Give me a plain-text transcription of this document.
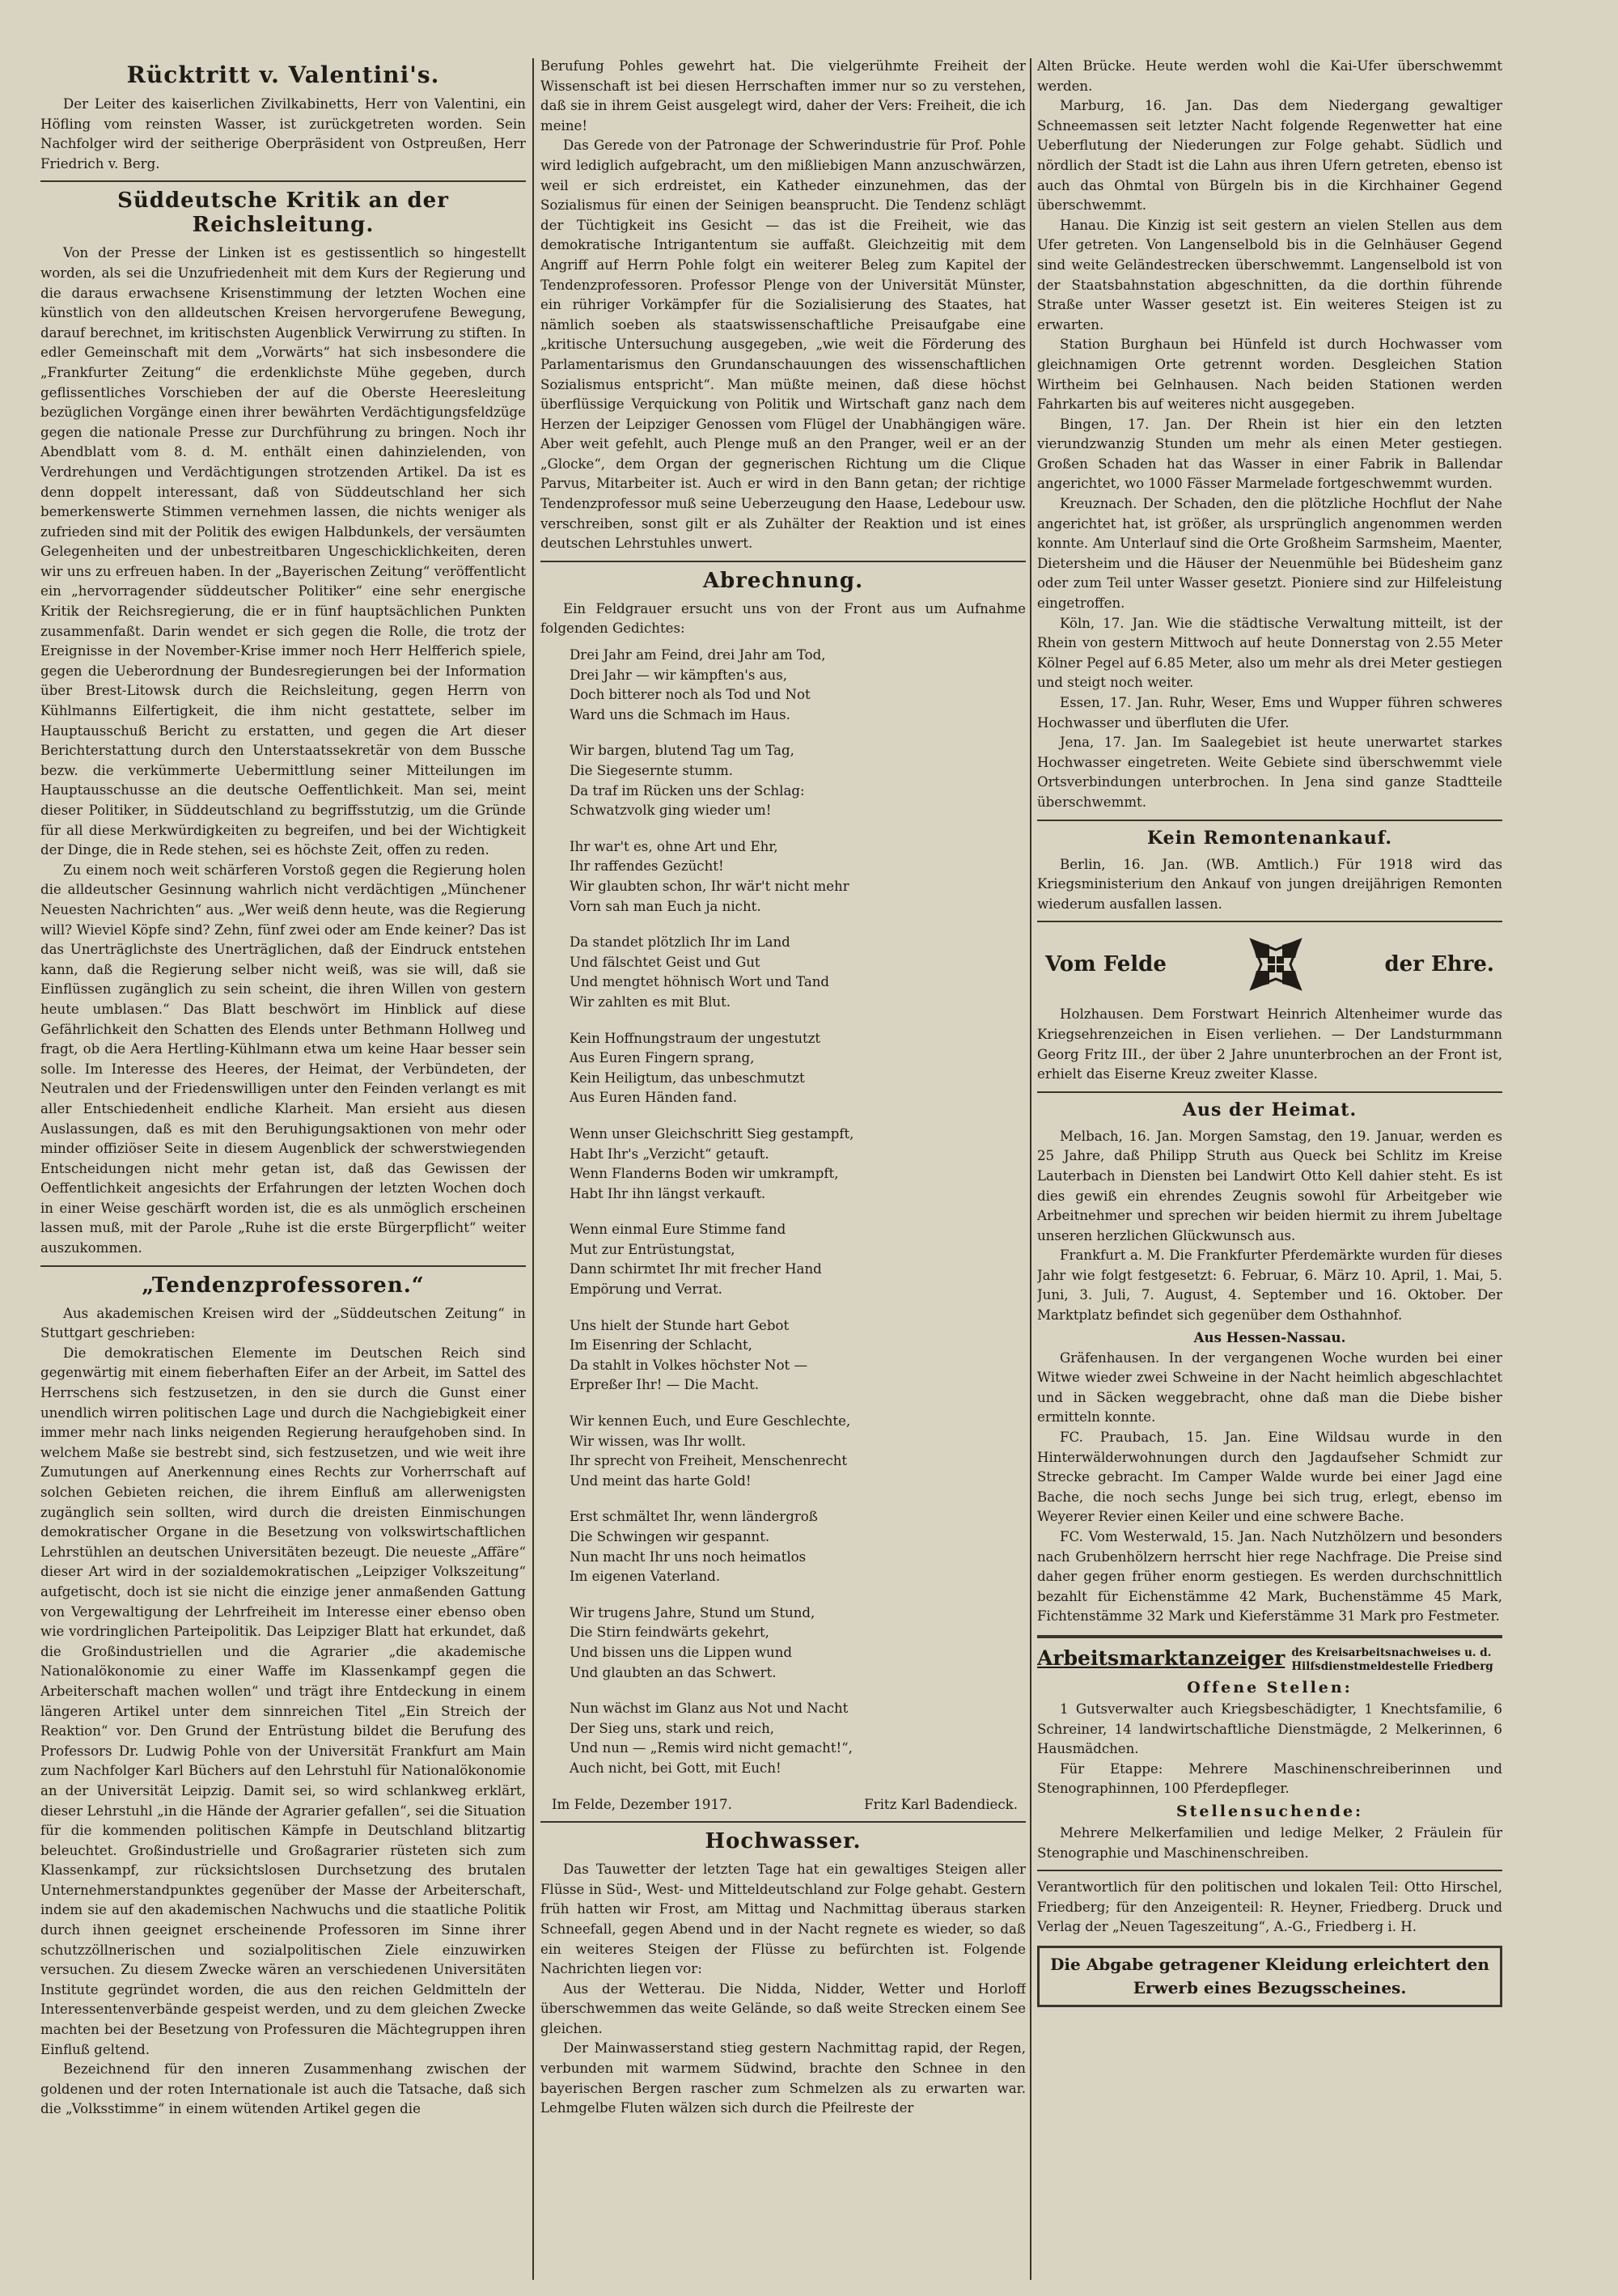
Rücktritt v. Valentini's.

Der Leiter des kaiserlichen Zivilkabinetts, Herr von Valentini, ein Höfling vom reinsten Wasser, ist zurückgetreten worden. Sein Nachfolger wird der seitherige Oberpräsident von Ostpreußen, Herr Friedrich v. Berg.

Süddeutsche Kritik an der Reichsleitung.

Von der Presse der Linken ist es gestissentlich so hingestellt worden, als sei die Unzufriedenheit mit dem Kurs der Regierung und die daraus erwachsene Krisenstimmung der letzten Wochen eine künstlich von den alldeutschen Kreisen hervorgerufene Bewegung, darauf berechnet, im kritischsten Augenblick Verwirrung zu stiften. In edler Gemeinschaft mit dem „Vorwärts“ hat sich insbesondere die „Frankfurter Zeitung“ die erdenklichste Mühe gegeben, durch geflissentliches Vorschieben der auf die Oberste Heeresleitung bezüglichen Vorgänge einen ihrer bewährten Verdächtigungsfeldzüge gegen die nationale Presse zur Durchführung zu bringen. Noch ihr Abendblatt vom 8. d. M. enthält einen dahinzielenden, von Verdrehungen und Verdächtigungen strotzenden Artikel. Da ist es denn doppelt interessant, daß von Süddeutschland her sich bemerkenswerte Stimmen vernehmen lassen, die nichts weniger als zufrieden sind mit der Politik des ewigen Halbdunkels, der versäumten Gelegenheiten und der unbestreitbaren Ungeschicklichkeiten, deren wir uns zu erfreuen haben. In der „Bayerischen Zeitung“ veröffentlicht ein „hervorragender süddeutscher Politiker“ eine sehr energische Kritik der Reichsregierung, die er in fünf hauptsächlichen Punkten zusammenfaßt. Darin wendet er sich gegen die Rolle, die trotz der Ereignisse in der November-Krise immer noch Herr Helfferich spiele, gegen die Ueberordnung der Bundesregierungen bei der Information über Brest-Litowsk durch die Reichsleitung, gegen Herrn von Kühlmanns Eilfertigkeit, die ihm nicht gestattete, selber im Hauptausschuß Bericht zu erstatten, und gegen die Art dieser Berichterstattung durch den Unterstaatssekretär von dem Bussche bezw. die verkümmerte Uebermittlung seiner Mitteilungen im Hauptausschusse an die deutsche Oeffentlichkeit. Man sei, meint dieser Politiker, in Süddeutschland zu begriffsstutzig, um die Gründe für all diese Merkwürdigkeiten zu begreifen, und bei der Wichtigkeit der Dinge, die in Rede stehen, sei es höchste Zeit, offen zu reden.

Zu einem noch weit schärferen Vorstoß gegen die Regierung holen die alldeutscher Gesinnung wahrlich nicht verdächtigen „Münchener Neuesten Nachrichten“ aus. „Wer weiß denn heute, was die Regierung will? Wieviel Köpfe sind? Zehn, fünf zwei oder am Ende keiner? Das ist das Unerträglichste des Unerträglichen, daß der Eindruck entstehen kann, daß die Regierung selber nicht weiß, was sie will, daß sie Einflüssen zugänglich zu sein scheint, die ihren Willen von gestern heute umblasen.“ Das Blatt beschwört im Hinblick auf diese Gefährlichkeit den Schatten des Elends unter Bethmann Hollweg und fragt, ob die Aera Hertling-Kühlmann etwa um keine Haar besser sein solle. Im Interesse des Heeres, der Heimat, der Verbündeten, der Neutralen und der Friedenswilligen unter den Feinden verlangt es mit aller Entschiedenheit endliche Klarheit. Man ersieht aus diesen Auslassungen, daß es mit den Beruhigungsaktionen von mehr oder minder offiziöser Seite in diesem Augenblick der schwerstwiegenden Entscheidungen nicht mehr getan ist, daß das Gewissen der Oeffentlichkeit angesichts der Erfahrungen der letzten Wochen doch in einer Weise geschärft worden ist, die es als unmöglich erscheinen lassen muß, mit der Parole „Ruhe ist die erste Bürgerpflicht“ weiter auszukommen.

„Tendenzprofessoren.“

Aus akademischen Kreisen wird der „Süddeutschen Zeitung“ in Stuttgart geschrieben:

Die demokratischen Elemente im Deutschen Reich sind gegenwärtig mit einem fieberhaften Eifer an der Arbeit, im Sattel des Herrschens sich festzusetzen, in den sie durch die Gunst einer unendlich wirren politischen Lage und durch die Nachgiebigkeit einer immer mehr nach links neigenden Regierung heraufgehoben sind. In welchem Maße sie bestrebt sind, sich festzusetzen, und wie weit ihre Zumutungen auf Anerkennung eines Rechts zur Vorherrschaft auf solchen Gebieten reichen, die ihrem Einfluß am allerwenigsten zugänglich sein sollten, wird durch die dreisten Einmischungen demokratischer Organe in die Besetzung von volkswirtschaftlichen Lehrstühlen an deutschen Universitäten bezeugt. Die neueste „Affäre“ dieser Art wird in der sozialdemokratischen „Leipziger Volkszeitung“ aufgetischt, doch ist sie nicht die einzige jener anmaßenden Gattung von Vergewaltigung der Lehrfreiheit im Interesse einer ebenso oben wie vordringlichen Parteipolitik. Das Leipziger Blatt hat erkundet, daß die Großindustriellen und die Agrarier „die akademische Nationalökonomie zu einer Waffe im Klassenkampf gegen die Arbeiterschaft machen wollen“ und trägt ihre Entdeckung in einem längeren Artikel unter dem sinnreichen Titel „Ein Streich der Reaktion“ vor. Den Grund der Entrüstung bildet die Berufung des Professors Dr. Ludwig Pohle von der Universität Frankfurt am Main zum Nachfolger Karl Büchers auf den Lehrstuhl für Nationalökonomie an der Universität Leipzig. Damit sei, so wird schlankweg erklärt, dieser Lehrstuhl „in die Hände der Agrarier gefallen“, sei die Situation für die kommenden politischen Kämpfe in Deutschland blitzartig beleuchtet. Großindustrielle und Großagrarier rüsteten sich zum Klassenkampf, zur rücksichtslosen Durchsetzung des brutalen Unternehmerstandpunktes gegenüber der Masse der Arbeiterschaft, indem sie auf den akademischen Nachwuchs und die staatliche Politik durch ihnen geeignet erscheinende Professoren im Sinne ihrer schutzzöllnerischen und sozialpolitischen Ziele einzuwirken versuchen. Zu diesem Zwecke wären an verschiedenen Universitäten Institute gegründet worden, die aus den reichen Geldmitteln der Interessentenverbände gespeist werden, und zu dem gleichen Zwecke machten bei der Besetzung von Professuren die Mächtegruppen ihren Einfluß geltend.

Bezeichnend für den inneren Zusammenhang zwischen der goldenen und der roten Internationale ist auch die Tatsache, daß sich die „Volksstimme“ in einem wütenden Artikel gegen die

Berufung Pohles gewehrt hat. Die vielgerühmte Freiheit der Wissenschaft ist bei diesen Herrschaften immer nur so zu verstehen, daß sie in ihrem Geist ausgelegt wird, daher der Vers: Freiheit, die ich meine!

Das Gerede von der Patronage der Schwerindustrie für Prof. Pohle wird lediglich aufgebracht, um den mißliebigen Mann anzuschwärzen, weil er sich erdreistet, ein Katheder einzunehmen, das der Sozialismus für einen der Seinigen beansprucht. Die Tendenz schlägt der Tüchtigkeit ins Gesicht — das ist die Freiheit, wie das demokratische Intrigantentum sie auffaßt. Gleichzeitig mit dem Angriff auf Herrn Pohle folgt ein weiterer Beleg zum Kapitel der Tendenzprofessoren. Professor Plenge von der Universität Münster, ein rühriger Vorkämpfer für die Sozialisierung des Staates, hat nämlich soeben als staatswissenschaftliche Preisaufgabe eine „kritische Untersuchung ausgegeben, „wie weit die Förderung des Parlamentarismus den Grundanschauungen des wissenschaftlichen Sozialismus entspricht“. Man müßte meinen, daß diese höchst überflüssige Verquickung von Politik und Wirtschaft ganz nach dem Herzen der Leipziger Genossen vom Flügel der Unabhängigen wäre. Aber weit gefehlt, auch Plenge muß an den Pranger, weil er an der „Glocke“, dem Organ der gegnerischen Richtung um die Clique Parvus, Mitarbeiter ist. Auch er wird in den Bann getan; der richtige Tendenzprofessor muß seine Ueberzeugung den Haase, Ledebour usw. verschreiben, sonst gilt er als Zuhälter der Reaktion und ist eines deutschen Lehrstuhles unwert.

Abrechnung.

Ein Feldgrauer ersucht uns von der Front aus um Aufnahme folgenden Gedichtes:

Drei Jahr am Feind, drei Jahr am Tod,
Drei Jahr — wir kämpften's aus,
Doch bitterer noch als Tod und Not
Ward uns die Schmach im Haus.
Wir bargen, blutend Tag um Tag,
Die Siegesernte stumm.
Da traf im Rücken uns der Schlag:
Schwatzvolk ging wieder um!
Ihr war't es, ohne Art und Ehr,
Ihr raffendes Gezücht!
Wir glaubten schon, Ihr wär't nicht mehr
Vorn sah man Euch ja nicht.
Da standet plötzlich Ihr im Land
Und fälschtet Geist und Gut
Und mengtet höhnisch Wort und Tand
Wir zahlten es mit Blut.
Kein Hoffnungstraum der ungestutzt
Aus Euren Fingern sprang,
Kein Heiligtum, das unbeschmutzt
Aus Euren Händen fand.
Wenn unser Gleichschritt Sieg gestampft,
Habt Ihr's „Verzicht“ getauft.
Wenn Flanderns Boden wir umkrampft,
Habt Ihr ihn längst verkauft.
Wenn einmal Eure Stimme fand
Mut zur Entrüstungstat,
Dann schirmtet Ihr mit frecher Hand
Empörung und Verrat.
Uns hielt der Stunde hart Gebot
Im Eisenring der Schlacht,
Da stahlt in Volkes höchster Not —
Erpreßer Ihr! — Die Macht.
Wir kennen Euch, und Eure Geschlechte,
Wir wissen, was Ihr wollt.
Ihr sprecht von Freiheit, Menschenrecht
Und meint das harte Gold!
Erst schmältet Ihr, wenn ländergroß
Die Schwingen wir gespannt.
Nun macht Ihr uns noch heimatlos
Im eigenen Vaterland.
Wir trugens Jahre, Stund um Stund,
Die Stirn feindwärts gekehrt,
Und bissen uns die Lippen wund
Und glaubten an das Schwert.
Nun wächst im Glanz aus Not und Nacht
Der Sieg uns, stark und reich,
Und nun — „Remis wird nicht gemacht!“,
Auch nicht, bei Gott, mit Euch!
Im Felde, Dezember 1917.	Fritz Karl Badendieck.
Hochwasser.

Das Tauwetter der letzten Tage hat ein gewaltiges Steigen aller Flüsse in Süd-, West- und Mitteldeutschland zur Folge gehabt. Gestern früh hatten wir Frost, am Mittag und Nachmittag überaus starken Schneefall, gegen Abend und in der Nacht regnete es wieder, so daß ein weiteres Steigen der Flüsse zu befürchten ist. Folgende Nachrichten liegen vor:

Aus der Wetterau. Die Nidda, Nidder, Wetter und Horloff überschwemmen das weite Gelände, so daß weite Strecken einem See gleichen.

Der Mainwasserstand stieg gestern Nachmittag rapid, der Regen, verbunden mit warmem Südwind, brachte den Schnee in den bayerischen Bergen rascher zum Schmelzen als zu erwarten war. Lehmgelbe Fluten wälzen sich durch die Pfeilreste der

Alten Brücke. Heute werden wohl die Kai-Ufer überschwemmt werden.

Marburg, 16. Jan. Das dem Niedergang gewaltiger Schneemassen seit letzter Nacht folgende Regenwetter hat eine Ueberflutung der Niederungen zur Folge gehabt. Südlich und nördlich der Stadt ist die Lahn aus ihren Ufern getreten, ebenso ist auch das Ohmtal von Bürgeln bis in die Kirchhainer Gegend überschwemmt.

Hanau. Die Kinzig ist seit gestern an vielen Stellen aus dem Ufer getreten. Von Langenselbold bis in die Gelnhäuser Gegend sind weite Geländestrecken überschwemmt. Langenselbold ist von der Staatsbahnstation abgeschnitten, da die dorthin führende Straße unter Wasser gesetzt ist. Ein weiteres Steigen ist zu erwarten.

Station Burghaun bei Hünfeld ist durch Hochwasser vom gleichnamigen Orte getrennt worden. Desgleichen Station Wirtheim bei Gelnhausen. Nach beiden Stationen werden Fahrkarten bis auf weiteres nicht ausgegeben.

Bingen, 17. Jan. Der Rhein ist hier ein den letzten vierundzwanzig Stunden um mehr als einen Meter gestiegen. Großen Schaden hat das Wasser in einer Fabrik in Ballendar angerichtet, wo 1000 Fässer Marmelade fortgeschwemmt wurden.

Kreuznach. Der Schaden, den die plötzliche Hochflut der Nahe angerichtet hat, ist größer, als ursprünglich angenommen werden konnte. Am Unterlauf sind die Orte Großheim Sarmsheim, Maenter, Dietersheim und die Häuser der Neuenmühle bei Büdesheim ganz oder zum Teil unter Wasser gesetzt. Pioniere sind zur Hilfeleistung eingetroffen.

Köln, 17. Jan. Wie die städtische Verwaltung mitteilt, ist der Rhein von gestern Mittwoch auf heute Donnerstag von 2.55 Meter Kölner Pegel auf 6.85 Meter, also um mehr als drei Meter gestiegen und steigt noch weiter.

Essen, 17. Jan. Ruhr, Weser, Ems und Wupper führen schweres Hochwasser und überfluten die Ufer.

Jena, 17. Jan. Im Saalegebiet ist heute unerwartet starkes Hochwasser eingetreten. Weite Gebiete sind überschwemmt viele Ortsverbindungen unterbrochen. In Jena sind ganze Stadtteile überschwemmt.

Kein Remontenankauf.

Berlin, 16. Jan. (WB. Amtlich.) Für 1918 wird das Kriegsministerium den Ankauf von jungen dreijährigen Remonten wiederum ausfallen lassen.

Vom Felde	der Ehre.

Holzhausen. Dem Forstwart Heinrich Altenheimer wurde das Kriegsehrenzeichen in Eisen verliehen. — Der Landsturmmann Georg Fritz III., der über 2 Jahre ununterbrochen an der Front ist, erhielt das Eiserne Kreuz zweiter Klasse.

Aus der Heimat.

Melbach, 16. Jan. Morgen Samstag, den 19. Januar, werden es 25 Jahre, daß Philipp Struth aus Queck bei Schlitz im Kreise Lauterbach in Diensten bei Landwirt Otto Kell dahier steht. Es ist dies gewiß ein ehrendes Zeugnis sowohl für Arbeitgeber wie Arbeitnehmer und sprechen wir beiden hiermit zu ihrem Jubeltage unseren herzlichen Glückwunsch aus.

Frankfurt a. M. Die Frankfurter Pferdemärkte wurden für dieses Jahr wie folgt festgesetzt: 6. Februar, 6. März 10. April, 1. Mai, 5. Juni, 3. Juli, 7. August, 4. September und 16. Oktober. Der Marktplatz befindet sich gegenüber dem Osthahnhof.

Aus Hessen-Nassau.

Gräfenhausen. In der vergangenen Woche wurden bei einer Witwe wieder zwei Schweine in der Nacht heimlich abgeschlachtet und in Säcken weggebracht, ohne daß man die Diebe bisher ermitteln konnte.

FC. Praubach, 15. Jan. Eine Wildsau wurde in den Hinterwälderwohnungen durch den Jagdaufseher Schmidt zur Strecke gebracht. Im Camper Walde wurde bei einer Jagd eine Bache, die noch sechs Junge bei sich trug, erlegt, ebenso im Weyerer Revier einen Keiler und eine schwere Bache.

FC. Vom Westerwald, 15. Jan. Nach Nutzhölzern und besonders nach Grubenhölzern herrscht hier rege Nachfrage. Die Preise sind daher gegen früher enorm gestiegen. Es werden durchschnittlich bezahlt für Eichenstämme 42 Mark, Buchenstämme 45 Mark, Fichtenstämme 32 Mark und Kieferstämme 31 Mark pro Festmeter.

Arbeitsmarktanzeiger des Kreisarbeitsnachweises u. d. Hilfsdienstmeldestelle Friedberg
Offene Stellen:

1 Gutsverwalter auch Kriegsbeschädigter, 1 Knechtsfamilie, 6 Schreiner, 14 landwirtschaftliche Dienstmägde, 2 Melkerinnen, 6 Hausmädchen.

Für Etappe: Mehrere Maschinenschreiberinnen und Stenographinnen, 100 Pferdepfleger.

Stellensuchende:

Mehrere Melkerfamilien und ledige Melker, 2 Fräulein für Stenographie und Maschinenschreiben.

Verantwortlich für den politischen und lokalen Teil: Otto Hirschel, Friedberg; für den Anzeigenteil: R. Heyner, Friedberg. Druck und Verlag der „Neuen Tageszeitung“, A.-G., Friedberg i. H.

Die Abgabe getragener Kleidung erleichtert den Erwerb eines Bezugsscheines.
